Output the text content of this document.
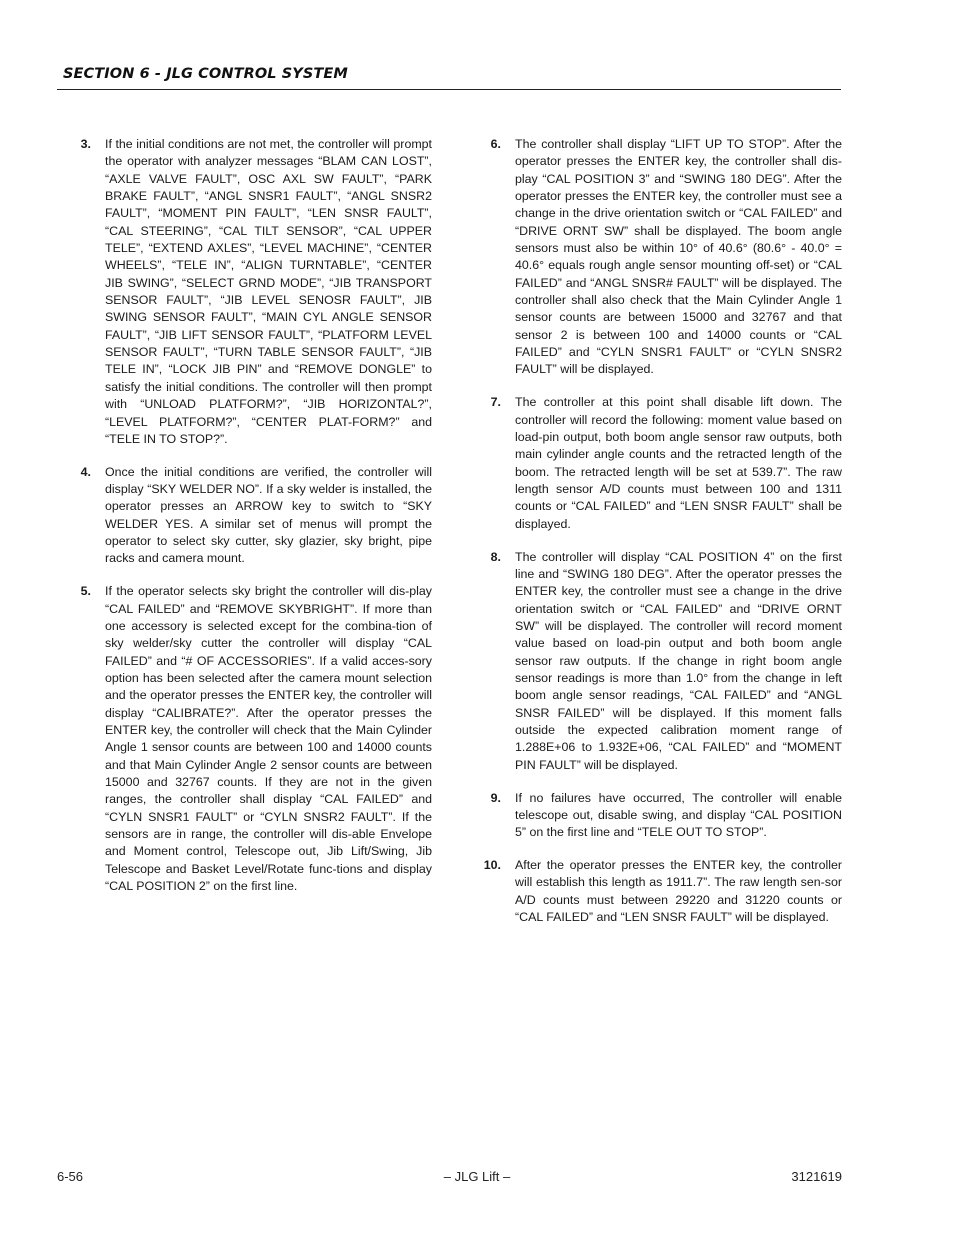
SECTION 6 - JLG CONTROL SYSTEM
3.	If the initial conditions are not met, the controller will prompt the operator with analyzer messages “BLAM CAN LOST”, “AXLE VALVE FAULT”, OSC AXL SW FAULT”, “PARK BRAKE FAULT”, “ANGL SNSR1 FAULT”, “ANGL SNSR2 FAULT”, “MOMENT PIN FAULT”, “LEN SNSR FAULT”, “CAL STEERING”, “CAL TILT SENSOR”, “CAL UPPER TELE”, “EXTEND AXLES”, “LEVEL MACHINE”, “CENTER WHEELS”, “TELE IN”, “ALIGN TURNTABLE”, “CENTER JIB SWING”, “SELECT GRND MODE”, “JIB TRANSPORT SENSOR FAULT”, “JIB LEVEL SENOSR FAULT”, JIB SWING SENSOR FAULT”, “MAIN CYL ANGLE SENSOR FAULT”, “JIB LIFT SENSOR FAULT”, “PLATFORM LEVEL SENSOR FAULT”, “TURN TABLE SENSOR FAULT”, “JIB TELE IN”, “LOCK JIB PIN” and “REMOVE DONGLE” to satisfy the initial conditions. The controller will then prompt with “UNLOAD PLATFORM?”, “JIB HORIZONTAL?”, “LEVEL PLATFORM?”, “CENTER PLAT-FORM?” and “TELE IN TO STOP?”.
4.	Once the initial conditions are verified, the controller will display “SKY WELDER NO”. If a sky welder is installed, the operator presses an ARROW key to switch to “SKY WELDER YES. A similar set of menus will prompt the operator to select sky cutter, sky glazier, sky bright, pipe racks and camera mount.
5.	If the operator selects sky bright the controller will dis-play “CAL FAILED” and “REMOVE SKYBRIGHT”. If more than one accessory is selected except for the combina-tion of sky welder/sky cutter the controller will display “CAL FAILED” and “# OF ACCESSORIES”. If a valid acces-sory option has been selected after the camera mount selection and the operator presses the ENTER key, the controller will display “CALIBRATE?”. After the operator presses the ENTER key, the controller will check that the Main Cylinder Angle 1 sensor counts are between 100 and 14000 counts and that Main Cylinder Angle 2 sensor counts are between 15000 and 32767 counts. If they are not in the given ranges, the controller shall display “CAL FAILED” and “CYLN SNSR1 FAULT” or “CYLN SNSR2 FAULT”. If the sensors are in range, the controller will dis-able Envelope and Moment control, Telescope out, Jib Lift/Swing, Jib Telescope and Basket Level/Rotate func-tions and display “CAL POSITION 2” on the first line.
6.	The controller shall display “LIFT UP TO STOP”. After the operator presses the ENTER key, the controller shall dis-play “CAL POSITION 3” and “SWING 180 DEG”. After the operator presses the ENTER key, the controller must see a change in the drive orientation switch or “CAL FAILED” and “DRIVE ORNT SW” shall be displayed. The boom angle sensors must also be within 10° of 40.6° (80.6° - 40.0° = 40.6° equals rough angle sensor mounting off-set) or “CAL FAILED” and “ANGL SNSR# FAULT” will be displayed. The controller shall also check that the Main Cylinder Angle 1 sensor counts are between 15000 and 32767 and that sensor 2 is between 100 and 14000 counts or “CAL FAILED” and “CYLN SNSR1 FAULT” or “CYLN SNSR2 FAULT” will be displayed.
7.	The controller at this point shall disable lift down. The controller will record the following: moment value based on load-pin output, both boom angle sensor raw outputs, both main cylinder angle counts and the retracted length of the boom. The retracted length will be set at 539.7”. The raw length sensor A/D counts must between 100 and 1311 counts or “CAL FAILED” and “LEN SNSR FAULT” shall be displayed.
8.	The controller will display “CAL POSITION 4” on the first line and “SWING 180 DEG”. After the operator presses the ENTER key, the controller must see a change in the drive orientation switch or “CAL FAILED” and “DRIVE ORNT SW” will be displayed. The controller will record moment value based on load-pin output and both boom angle sensor raw outputs. If the change in right boom angle sensor readings is more than 1.0° from the change in left boom angle sensor readings, “CAL FAILED” and “ANGL SNSR FAILED” will be displayed. If this moment falls outside the expected calibration moment range of 1.288E+06 to 1.932E+06, “CAL FAILED” and “MOMENT PIN FAULT” will be displayed.
9.	If no failures have occurred, The controller will enable telescope out, disable swing, and display “CAL POSITION 5” on the first line and “TELE OUT TO STOP”.
10.	After the operator presses the ENTER key, the controller will establish this length as 1911.7”. The raw length sen-sor A/D counts must between 29220 and 31220 counts or “CAL FAILED” and “LEN SNSR FAULT” will be displayed.
6-56	– JLG Lift –	3121619
